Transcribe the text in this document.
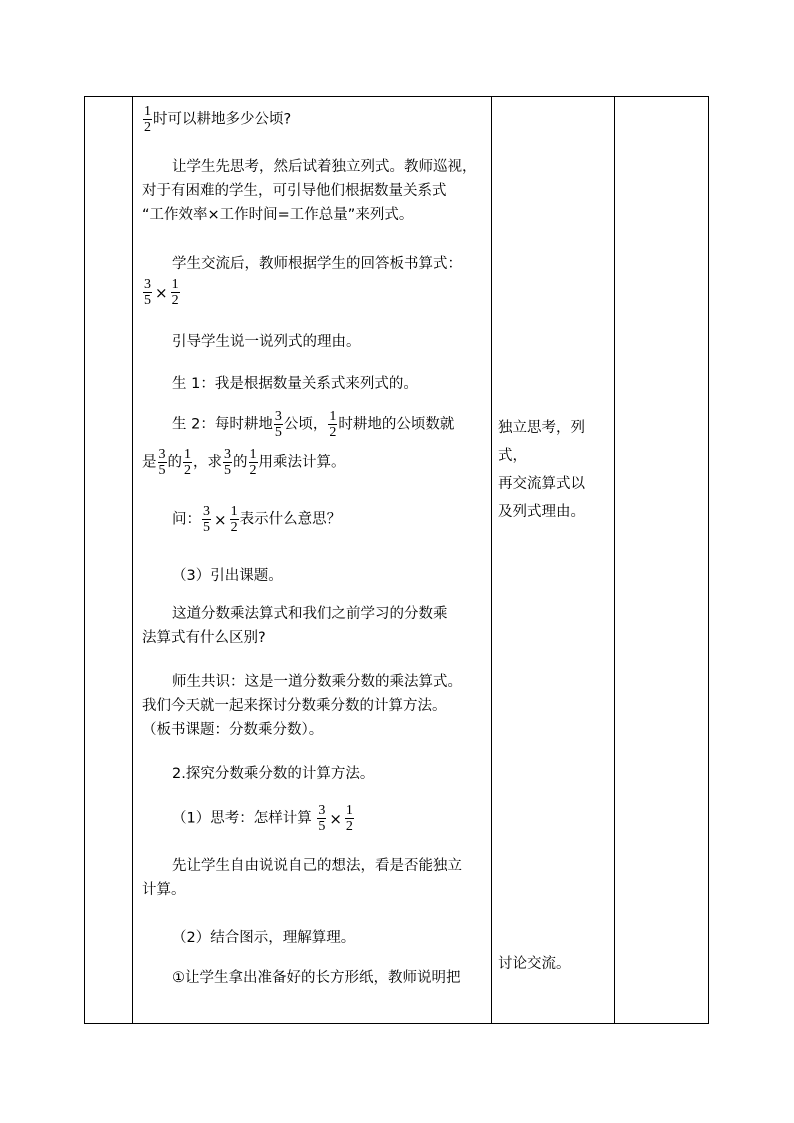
$\frac{1}{2}$ 时可以耕地多少公顷?
让学生先思考，然后试着独立列式。教师巡视，
对于有困难的学生，可引导他们根据数量关系式
“工作效率×工作时间=工作总量”来列式。
学生交流后，教师根据学生的回答板书算式：
$\frac{3}{5} \times \frac{1}{2}$
引导学生说一说列式的理由。
生 1：我是根据数量关系式来列式的。
生 2：每时耕地 $\frac{3}{5}$ 公顷， $\frac{1}{2}$ 时耕地的公顷数就
是 $\frac{3}{5}$ 的 $\frac{1}{2}$ ，求 $\frac{3}{5}$ 的 $\frac{1}{2}$ 用乘法计算。
问： $\frac{3}{5} \times \frac{1}{2}$ 表示什么意思？
（3）引出课题。
这道分数乘法算式和我们之前学习的分数乘
法算式有什么区别?
师生共识：这是一道分数乘分数的乘法算式。
我们今天就一起来探讨分数乘分数的计算方法。
（板书课题：分数乘分数）。
2.探究分数乘分数的计算方法。
（1）思考：怎样计算 $\frac{3}{5} \times \frac{1}{2}$
先让学生自由说说自己的想法，看是否能独立
计算。
（2）结合图示，理解算理。
①让学生拿出准备好的长方形纸，教师说明把
独立思考，列式，
再交流算式以
及列式理由。
讨论交流。
